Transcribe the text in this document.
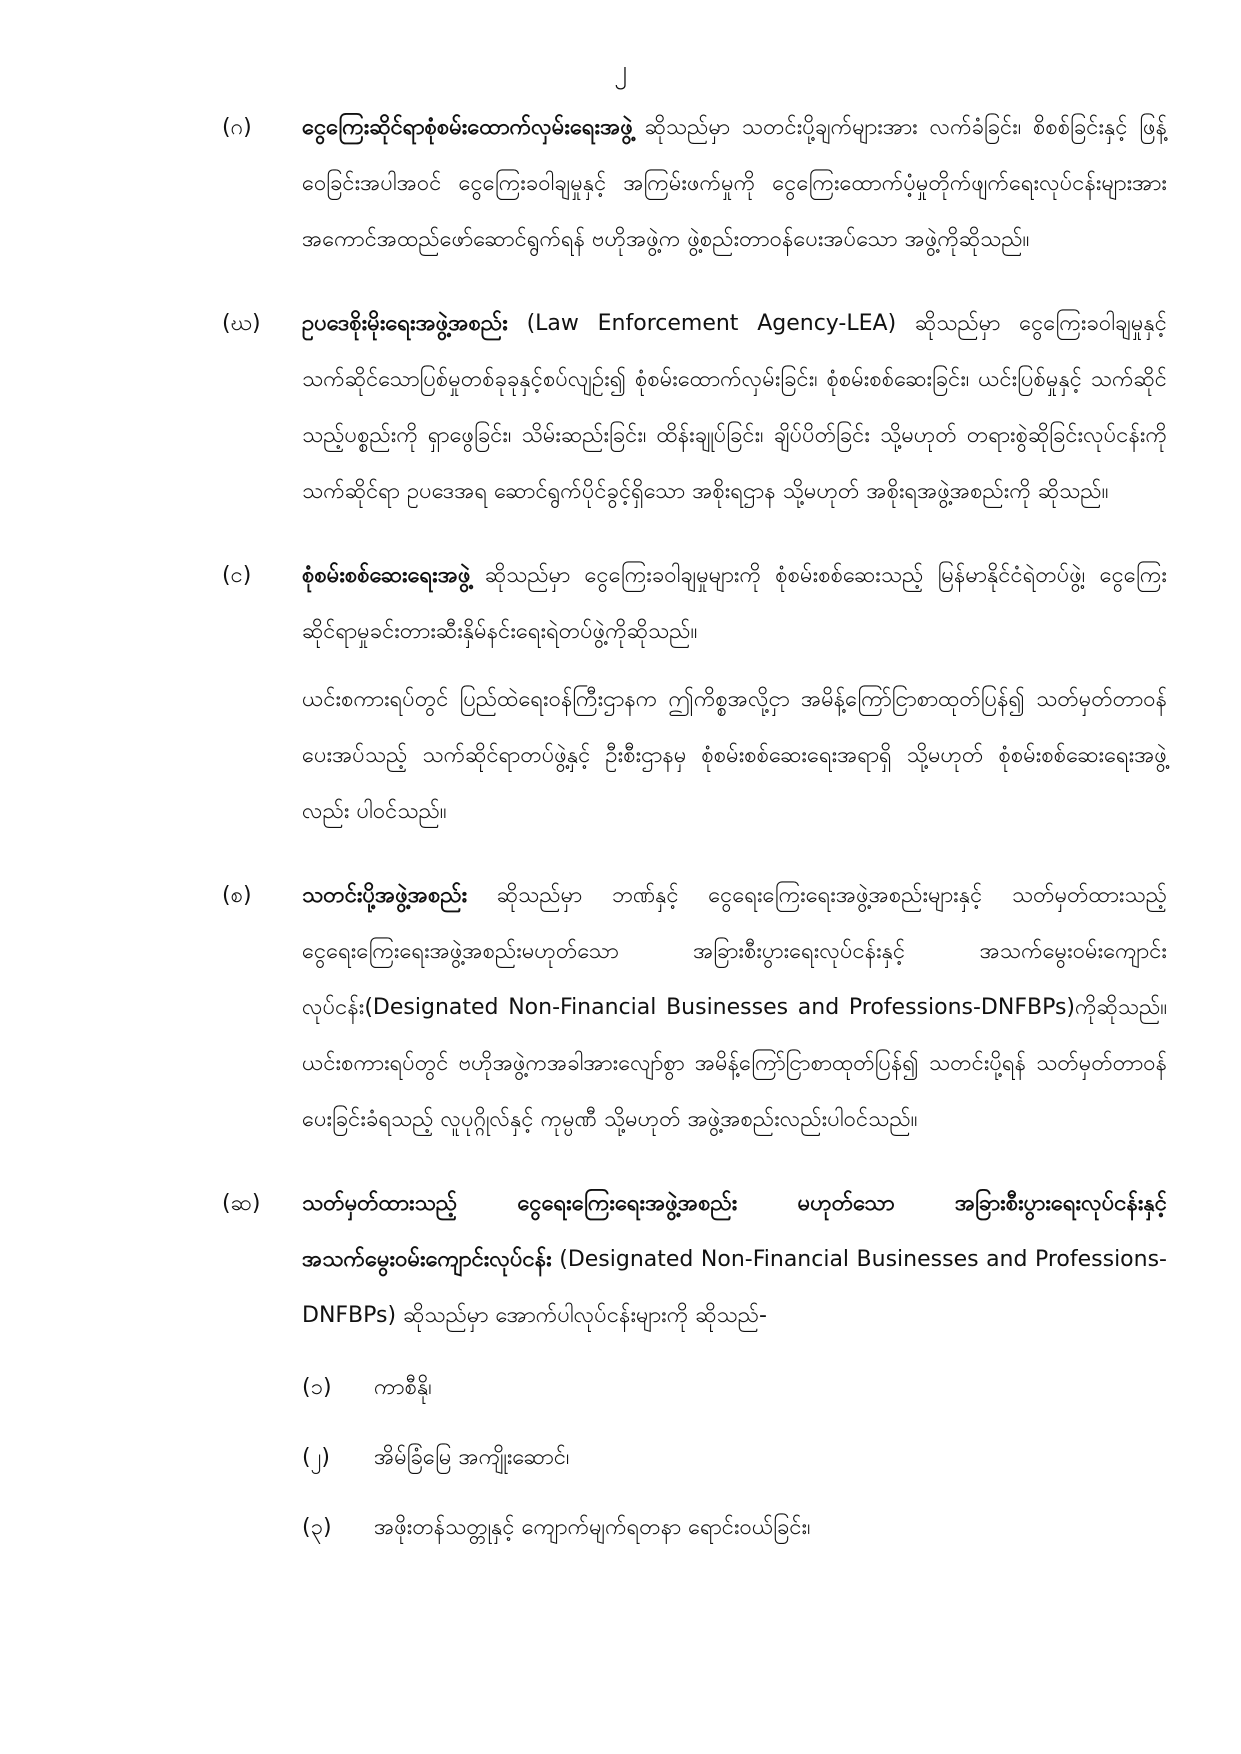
၂
(ဂ)	ငွေကြေးဆိုင်ရာစုံစမ်းထောက်လှမ်းရေးအဖွဲ့ ဆိုသည်မှာ သတင်းပို့ချက်များအား လက်ခံခြင်း၊ စိစစ်ခြင်းနှင့် ဖြန့်ဝေခြင်းအပါအဝင် ငွေကြေးခဝါချမှုနှင့် အကြမ်းဖက်မှုကို ငွေကြေးထောက်ပံ့မှုတိုက်ဖျက်ရေးလုပ်ငန်းများအား အကောင်အထည်ဖော်ဆောင်ရွက်ရန် ဗဟိုအဖွဲ့က ဖွဲ့စည်းတာဝန်ပေးအပ်သော အဖွဲ့ကိုဆိုသည်။

(ဃ)	ဥပဒေစိုးမိုးရေးအဖွဲ့အစည်း (Law Enforcement Agency-LEA) ဆိုသည်မှာ ငွေကြေးခဝါချမှုနှင့် သက်ဆိုင်သောပြစ်မှုတစ်ခုခုနှင့်စပ်လျဉ်း၍ စုံစမ်းထောက်လှမ်းခြင်း၊ စုံစမ်းစစ်ဆေးခြင်း၊ ယင်းပြစ်မှုနှင့် သက်ဆိုင်သည့်ပစ္စည်းကို ရှာဖွေခြင်း၊ သိမ်းဆည်းခြင်း၊ ထိန်းချုပ်ခြင်း၊ ချိပ်ပိတ်ခြင်း သို့မဟုတ် တရားစွဲဆိုခြင်းလုပ်ငန်းကို သက်ဆိုင်ရာ ဥပဒေအရ ဆောင်ရွက်ပိုင်ခွင့်ရှိသော အစိုးရဌာန သို့မဟုတ် အစိုးရအဖွဲ့အစည်းကို ဆိုသည်။

(င)	စုံစမ်းစစ်ဆေးရေးအဖွဲ့ ဆိုသည်မှာ ငွေကြေးခဝါချမှုများကို စုံစမ်းစစ်ဆေးသည့် မြန်မာနိုင်ငံရဲတပ်ဖွဲ့၊ ငွေကြေးဆိုင်ရာမှုခင်းတားဆီးနှိမ်နင်းရေးရဲတပ်ဖွဲ့ကိုဆိုသည်။

ယင်းစကားရပ်တွင် ပြည်ထဲရေးဝန်ကြီးဌာနက ဤကိစ္စအလို့ငှာ အမိန့်ကြော်ငြာစာထုတ်ပြန်၍ သတ်မှတ်တာဝန်ပေးအပ်သည့် သက်ဆိုင်ရာတပ်ဖွဲ့နှင့် ဦးစီးဌာနမှ စုံစမ်းစစ်ဆေးရေးအရာရှိ သို့မဟုတ် စုံစမ်းစစ်ဆေးရေးအဖွဲ့လည်း ပါဝင်သည်။

(စ)	သတင်းပို့အဖွဲ့အစည်း ဆိုသည်မှာ ဘဏ်နှင့် ငွေရေးကြေးရေးအဖွဲ့အစည်းများနှင့် သတ်မှတ်ထားသည့် ငွေရေးကြေးရေးအဖွဲ့အစည်းမဟုတ်သော အခြားစီးပွားရေးလုပ်ငန်းနှင့် အသက်မွေးဝမ်းကျောင်းလုပ်ငန်း(Designated Non-Financial Businesses and Professions-DNFBPs)ကိုဆိုသည်။ ယင်းစကားရပ်တွင် ဗဟိုအဖွဲ့ကအခါအားလျော်စွာ အမိန့်ကြော်ငြာစာထုတ်ပြန်၍ သတင်းပို့ရန် သတ်မှတ်တာဝန်ပေးခြင်းခံရသည့် လူပုဂ္ဂိုလ်နှင့် ကုမ္ပဏီ သို့မဟုတ် အဖွဲ့အစည်းလည်းပါဝင်သည်။

(ဆ)	သတ်မှတ်ထားသည့် ငွေရေးကြေးရေးအဖွဲ့အစည်း မဟုတ်သော အခြားစီးပွားရေးလုပ်ငန်းနှင့် အသက်မွေးဝမ်းကျောင်းလုပ်ငန်း (Designated Non-Financial Businesses and Professions- DNFBPs) ဆိုသည်မှာ အောက်ပါလုပ်ငန်းများကို ဆိုသည်-

(၁)	ကာစီနို၊
(၂)	အိမ်ခြံမြေ အကျိုးဆောင်၊
(၃)	အဖိုးတန်သတ္တုနှင့် ကျောက်မျက်ရတနာ ရောင်းဝယ်ခြင်း၊
